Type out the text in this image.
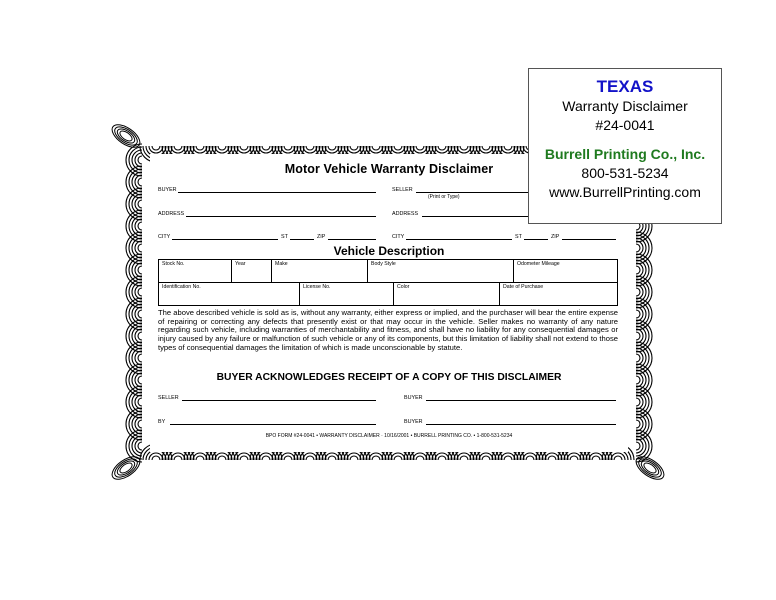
Motor Vehicle Warranty Disclaimer
BUYER	SELLER
(Print or Type)
ADDRESS	ADDRESS
CITY	ST	ZIP	CITY	ST	ZIP
Vehicle Description
Stock No.	Year	Make	Body Style	Odometer Mileage
Identification No.	License No.	Color	Date of Purchase
The above described vehicle is sold as is, without any warranty, either express or implied, and the purchaser will bear the entire expense of repairing or correcting any defects that presently exist or that may occur in the vehicle. Seller makes no warranty of any nature regarding such vehicle, including warranties of merchantability and fitness, and shall have no liability for any consequential damages or injury caused by any failure or malfunction of such vehicle or any of its components, but this limitation of liability shall not extend to those types of consequential damages the limitation of which is made unconscionable by statute.
BUYER ACKNOWLEDGES RECEIPT OF A COPY OF THIS DISCLAIMER
SELLER	BUYER
BY	BUYER
BPO FORM #24-0041 • WARRANTY DISCLAIMER · 10/16/2001 • BURRELL PRINTING CO. • 1-800-531-5234
TEXAS
Warranty Disclaimer
#24-0041
Burrell Printing Co., Inc.
800-531-5234
www.BurrellPrinting.com
